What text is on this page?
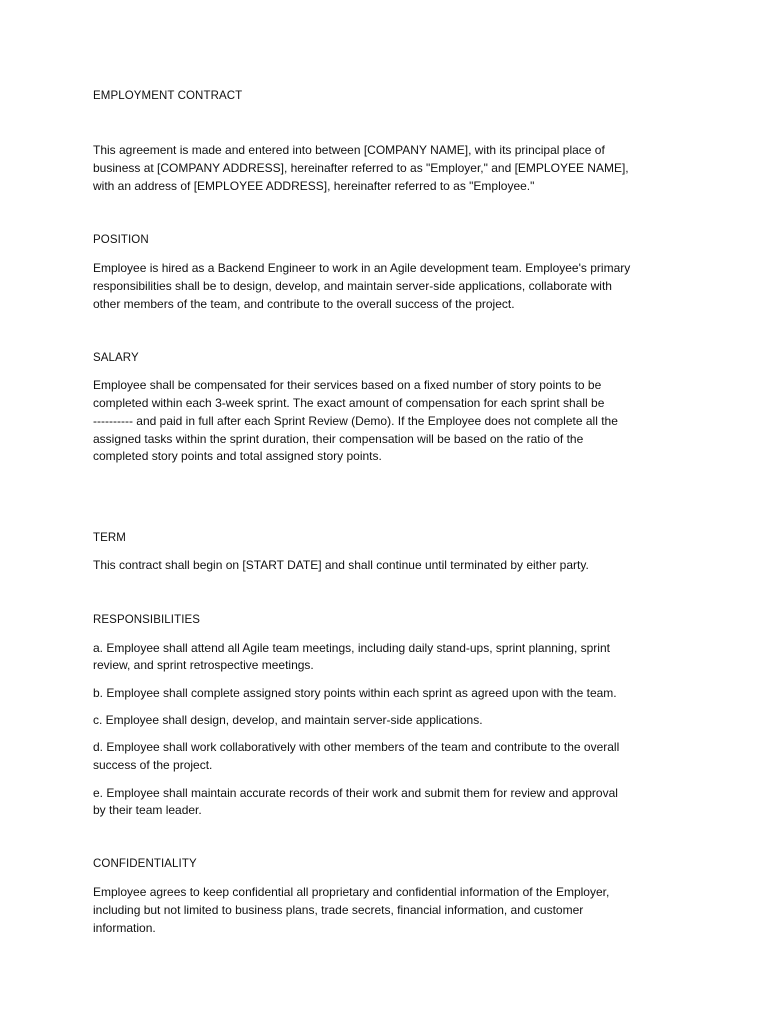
EMPLOYMENT CONTRACT
This agreement is made and entered into between [COMPANY NAME], with its principal place of
business at [COMPANY ADDRESS], hereinafter referred to as "Employer," and [EMPLOYEE NAME],
with an address of [EMPLOYEE ADDRESS], hereinafter referred to as "Employee."
POSITION
Employee is hired as a Backend Engineer to work in an Agile development team. Employee's primary
responsibilities shall be to design, develop, and maintain server-side applications, collaborate with
other members of the team, and contribute to the overall success of the project.
SALARY
Employee shall be compensated for their services based on a fixed number of story points to be
completed within each 3-week sprint. The exact amount of compensation for each sprint shall be
---------- and paid in full after each Sprint Review (Demo). If the Employee does not complete all the
assigned tasks within the sprint duration, their compensation will be based on the ratio of the
completed story points and total assigned story points.
TERM
This contract shall begin on [START DATE] and shall continue until terminated by either party.
RESPONSIBILITIES
a. Employee shall attend all Agile team meetings, including daily stand-ups, sprint planning, sprint
review, and sprint retrospective meetings.
b. Employee shall complete assigned story points within each sprint as agreed upon with the team.
c. Employee shall design, develop, and maintain server-side applications.
d. Employee shall work collaboratively with other members of the team and contribute to the overall
success of the project.
e. Employee shall maintain accurate records of their work and submit them for review and approval
by their team leader.
CONFIDENTIALITY
Employee agrees to keep confidential all proprietary and confidential information of the Employer,
including but not limited to business plans, trade secrets, financial information, and customer
information.
